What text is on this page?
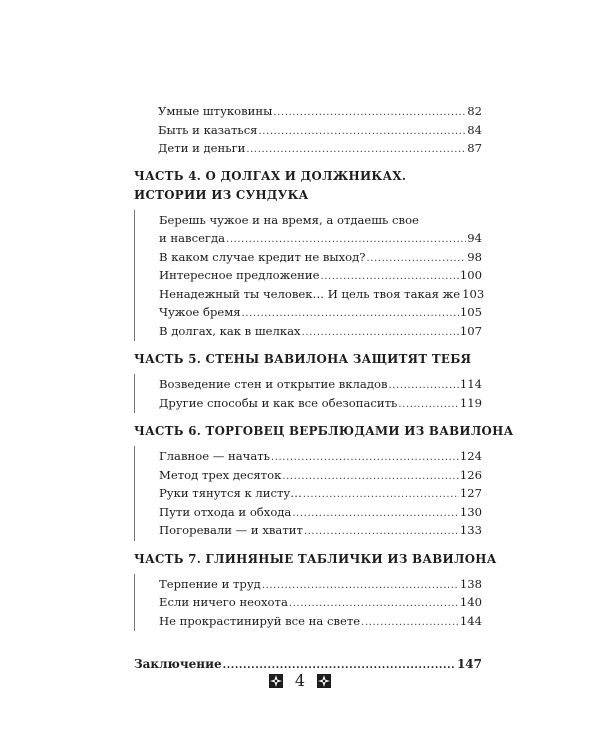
Умные штуковины .....	82
Быть и казаться .....	84
Дети и деньги .....	87
ЧАСТЬ 4. О ДОЛГАХ И ДОЛЖНИКАХ.
ИСТОРИИ ИЗ СУНДУКА
Берешь чужое и на время, а отдаешь свое
и навсегда .....	94
В каком случае кредит не выход? .....	98
Интересное предложение .....	100
Ненадежный ты человек… И цель твоя такая же 103
Чужое бремя .....	105
В долгах, как в шелках .....	107
ЧАСТЬ 5. СТЕНЫ ВАВИЛОНА ЗАЩИТЯТ ТЕБЯ
Возведение стен и открытие вкладов .....	114
Другие способы и как все обезопасить .....	119
ЧАСТЬ 6. ТОРГОВЕЦ ВЕРБЛЮДАМИ ИЗ ВАВИЛОНА
Главное — начать .....	124
Метод трех десяток .....	126
Руки тянутся к листу… .....	127
Пути отхода и обхода .....	130
Погоревали — и хватит .....	133
ЧАСТЬ 7. ГЛИНЯНЫЕ ТАБЛИЧКИ ИЗ ВАВИЛОНА
Терпение и труд .....	138
Если ничего неохота .....	140
Не прокрастинируй все на свете .....	144
Заключение .....	147
4
